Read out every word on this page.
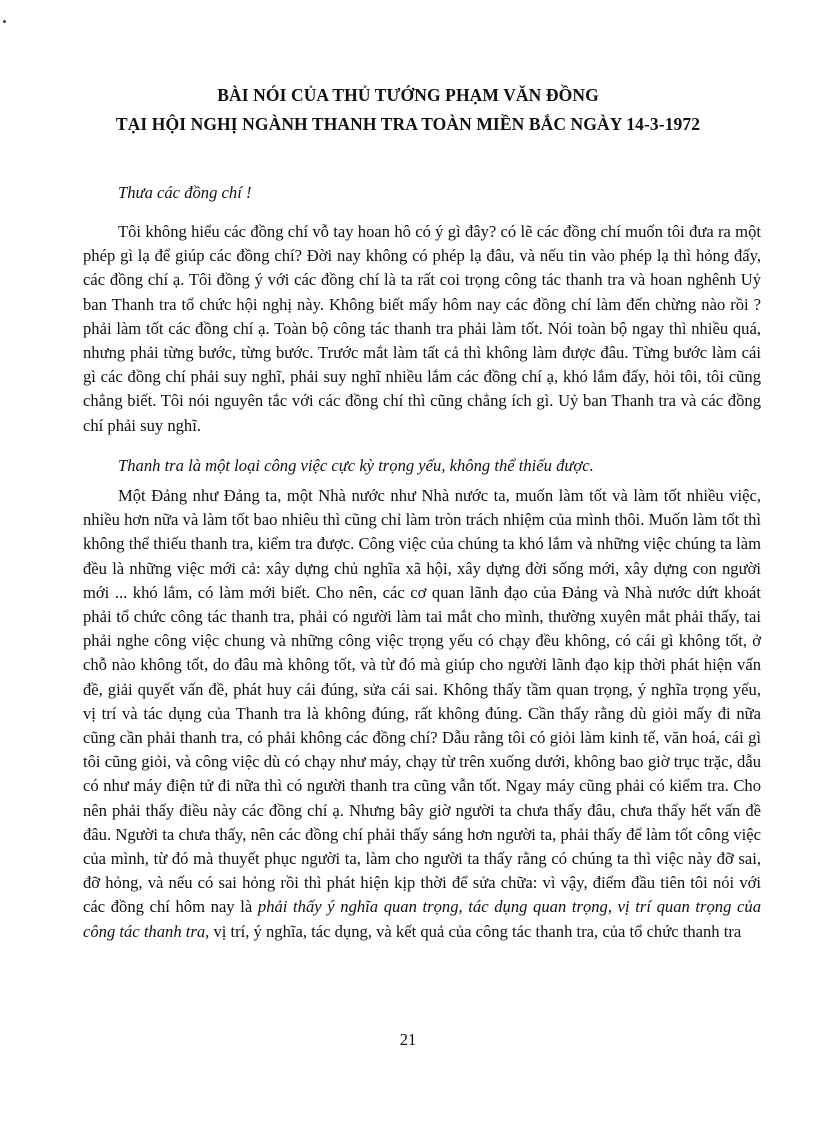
BÀI NÓI CỦA THỦ TƯỚNG PHẠM VĂN ĐỒNG
TẠI HỘI NGHỊ NGÀNH THANH TRA TOÀN MIỀN BẮC NGÀY 14-3-1972
Thưa các đồng chí !

Tôi không hiểu các đồng chí vỗ tay hoan hô có ý gì đây? có lẽ các đồng chí muốn tôi đưa ra một phép gì lạ để giúp các đồng chí? Đời nay không có phép lạ đâu, và nếu tin vào phép lạ thì hỏng đấy, các đồng chí ạ. Tôi đồng ý với các đồng chí là ta rất coi trọng công tác thanh tra và hoan nghênh Uỷ ban Thanh tra tổ chức hội nghị này. Không biết mấy hôm nay các đồng chí làm đến chừng nào rồi ? phải làm tốt các đồng chí ạ. Toàn bộ công tác thanh tra phải làm tốt. Nói toàn bộ ngay thì nhiều quá, nhưng phải từng bước, từng bước. Trước mắt làm tất cả thì không làm được đâu. Từng bước làm cái gì các đồng chí phải suy nghĩ, phải suy nghĩ nhiều lắm các đồng chí ạ, khó lắm đấy, hỏi tôi, tôi cũng chẳng biết. Tôi nói nguyên tắc với các đồng chí thì cũng chẳng ích gì. Uỷ ban Thanh tra và các đồng chí phải suy nghĩ.

Thanh tra là một loại công việc cực kỳ trọng yếu, không thể thiếu được.

Một Đảng như Đảng ta, một Nhà nước như Nhà nước ta, muốn làm tốt và làm tốt nhiều việc, nhiều hơn nữa và làm tốt bao nhiêu thì cũng chỉ làm tròn trách nhiệm của mình thôi. Muốn làm tốt thì không thể thiếu thanh tra, kiểm tra được. Công việc của chúng ta khó lắm và những việc chúng ta làm đều là những việc mới cả: xây dựng chủ nghĩa xã hội, xây dựng đời sống mới, xây dựng con người mới ... khó lắm, có làm mới biết. Cho nên, các cơ quan lãnh đạo của Đảng và Nhà nước dứt khoát phải tổ chức công tác thanh tra, phải có người làm tai mắt cho mình, thường xuyên mắt phải thấy, tai phải nghe công việc chung và những công việc trọng yếu có chạy đều không, có cái gì không tốt, ở chỗ nào không tốt, do đâu mà không tốt, và từ đó mà giúp cho người lãnh đạo kịp thời phát hiện vấn đề, giải quyết vấn đề, phát huy cái đúng, sửa cái sai. Không thấy tầm quan trọng, ý nghĩa trọng yếu, vị trí và tác dụng của Thanh tra là không đúng, rất không đúng. Cần thấy rằng dù giỏi mấy đi nữa cũng cần phải thanh tra, có phải không các đồng chí? Dẫu rằng tôi có giỏi làm kinh tế, văn hoá, cái gì tôi cũng giỏi, và công việc dù có chạy như máy, chạy từ trên xuống dưới, không bao giờ trục trặc, dẫu có như máy điện tử đi nữa thì có người thanh tra cũng vẫn tốt. Ngay máy cũng phải có kiểm tra. Cho nên phải thấy điều này các đồng chí ạ. Nhưng bây giờ người ta chưa thấy đâu, chưa thấy hết vấn đề đâu. Người ta chưa thấy, nên các đồng chí phải thấy sáng hơn người ta, phải thấy để làm tốt công việc của mình, từ đó mà thuyết phục người ta, làm cho người ta thấy rằng có chúng ta thì việc này đỡ sai, đỡ hỏng, và nếu có sai hỏng rồi thì phát hiện kịp thời để sửa chữa: vì vậy, điểm đầu tiên tôi nói với các đồng chí hôm nay là phải thấy ý nghĩa quan trọng, tác dụng quan trọng, vị trí quan trọng của công tác thanh tra, vị trí, ý nghĩa, tác dụng, và kết quả của công tác thanh tra, của tổ chức thanh tra

21
